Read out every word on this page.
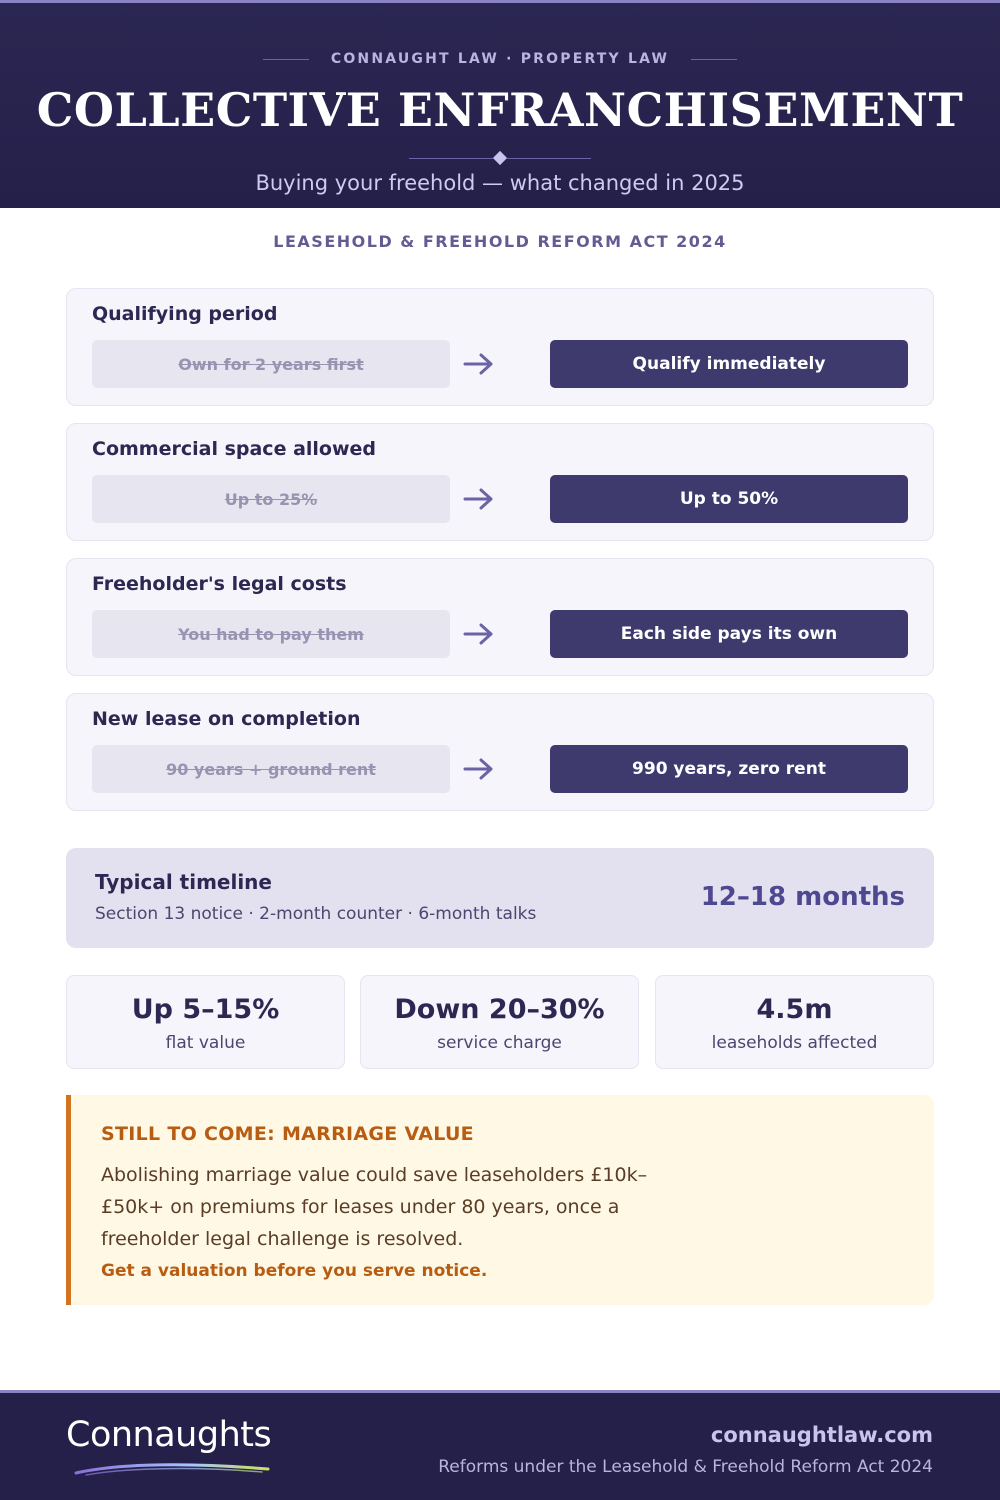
CONNAUGHT LAW · PROPERTY LAW
COLLECTIVE ENFRANCHISEMENT
Buying your freehold — what changed in 2025
LEASEHOLD & FREEHOLD REFORM ACT 2024
Qualifying period
Own for 2 years first	Qualify immediately
Commercial space allowed
Up to 25%	Up to 50%
Freeholder's legal costs
You had to pay them	Each side pays its own
New lease on completion
90 years + ground rent	990 years, zero rent
Typical timeline
Section 13 notice · 2-month counter · 6-month talks
12–18 months
Up 5–15%
flat value
Down 20–30%
service charge
4.5m
leaseholds affected
STILL TO COME: MARRIAGE VALUE
Abolishing marriage value could save leaseholders £10k–£50k+ on premiums for leases under 80 years, once a freeholder legal challenge is resolved.
Get a valuation before you serve notice.
Connaughts	connaughtlaw.com
Reforms under the Leasehold & Freehold Reform Act 2024
